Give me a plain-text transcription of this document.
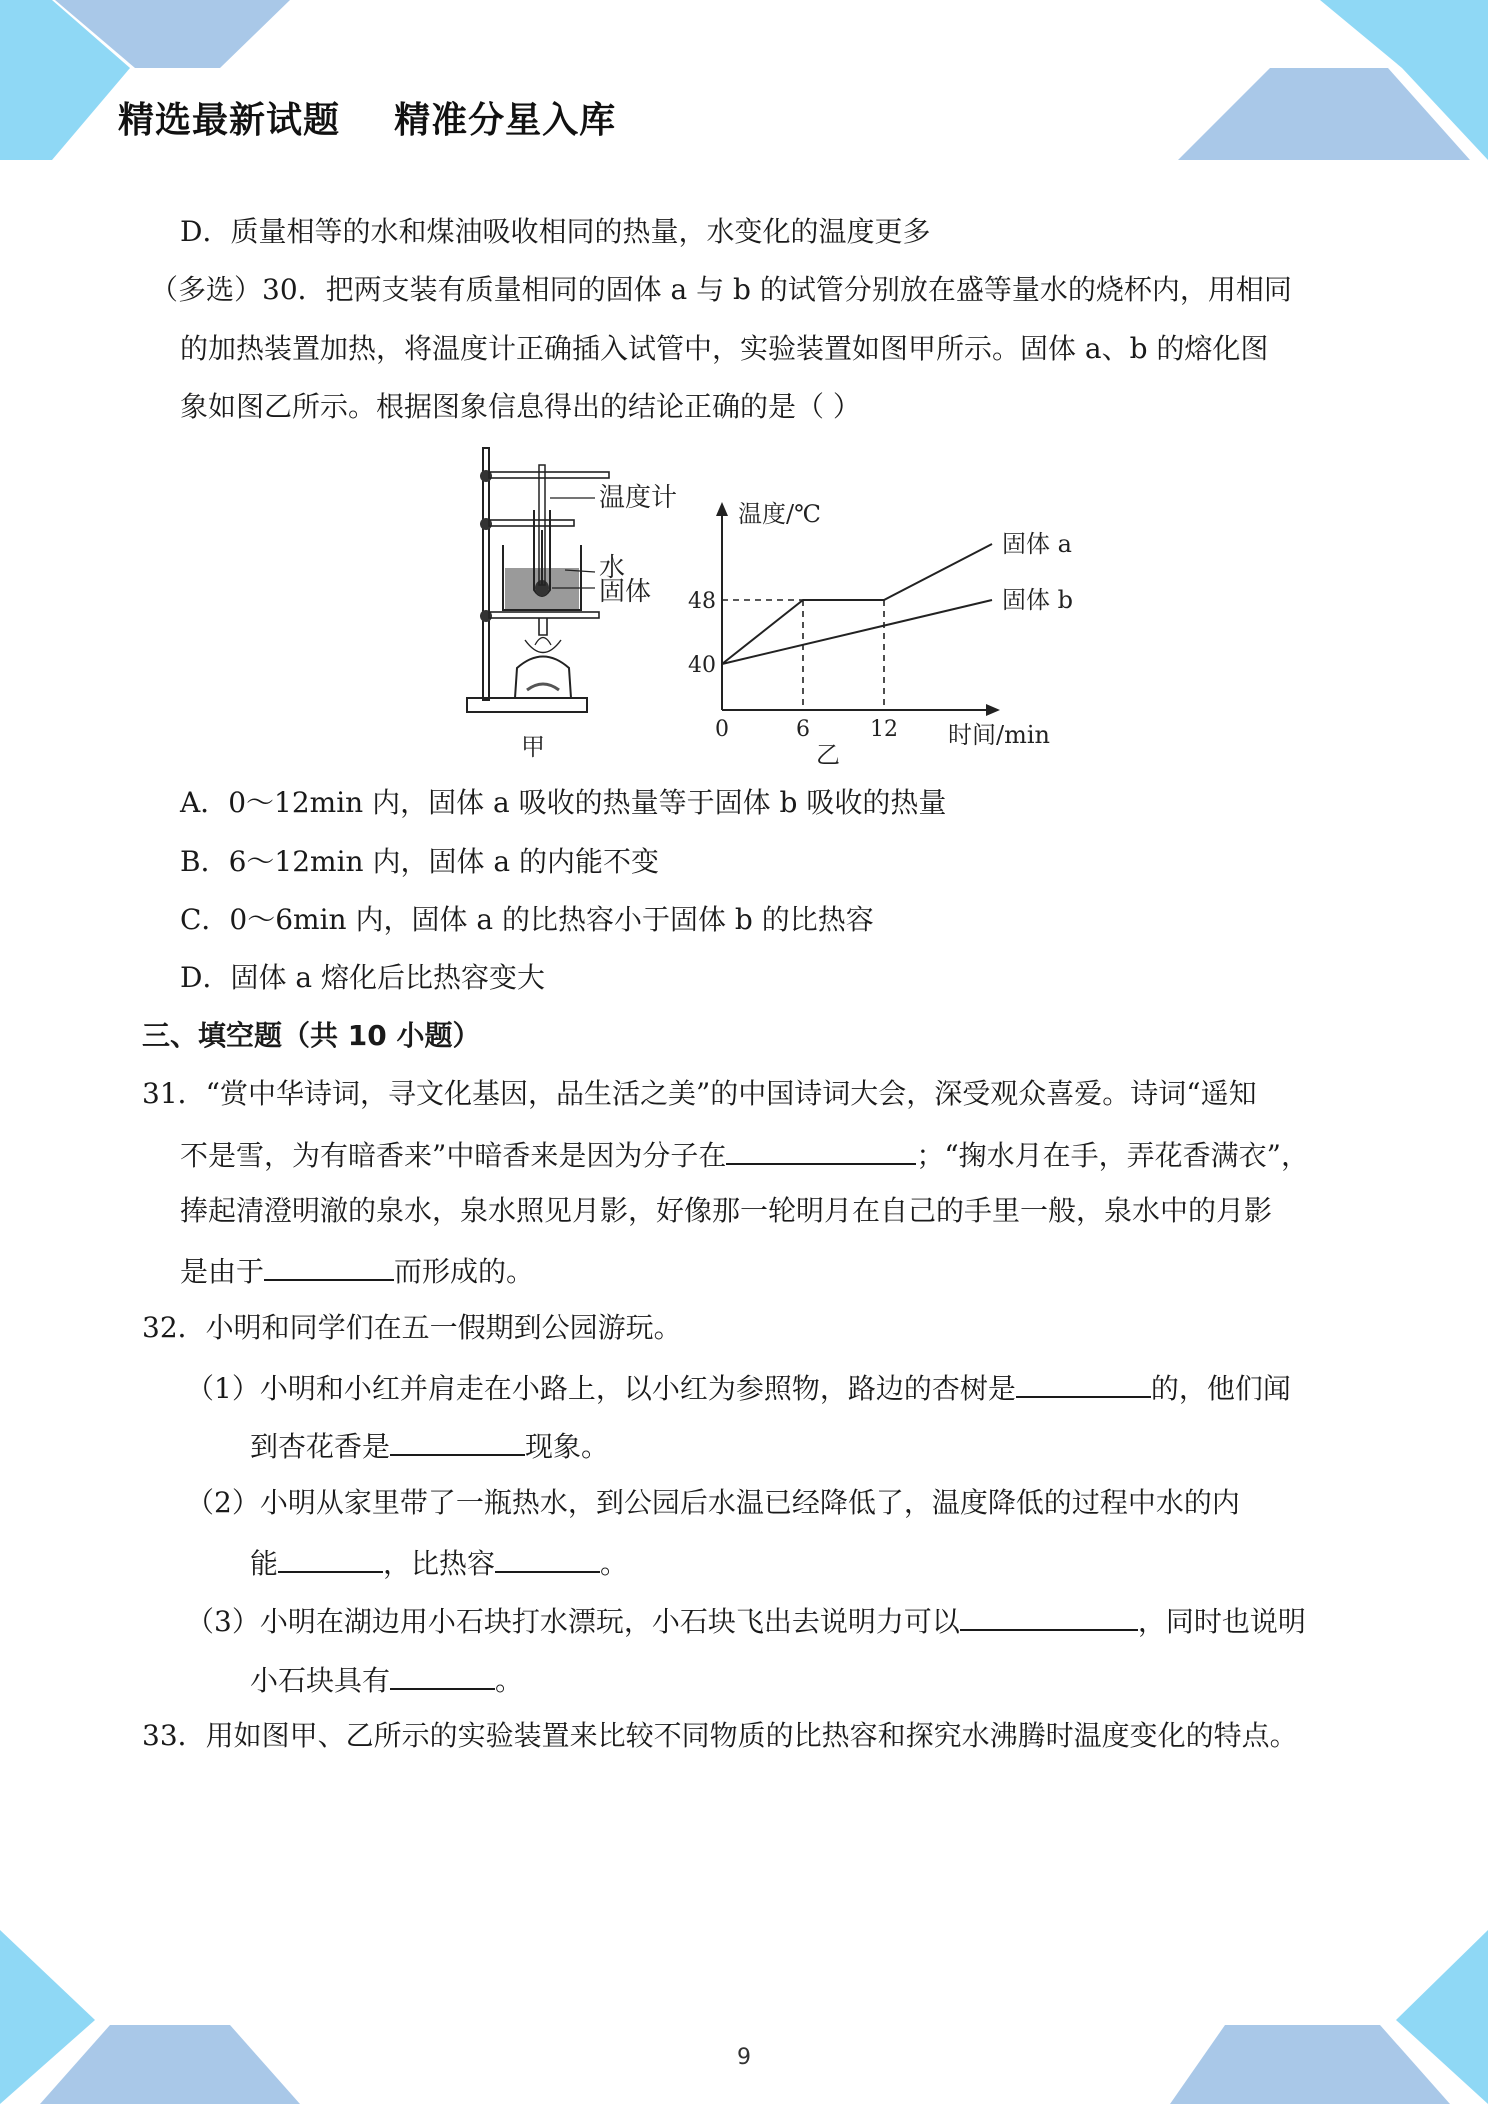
精选最新试题    精准分星入库
D．质量相等的水和煤油吸收相同的热量，水变化的温度更多
（多选）30．把两支装有质量相同的固体 a 与 b 的试管分别放在盛等量水的烧杯内，用相同
的加热装置加热，将温度计正确插入试管中，实验装置如图甲所示。固体 a、b 的熔化图
象如图乙所示。根据图象信息得出的结论正确的是（ ）
温度计
水
固体
甲
温度/℃
时间/min
0	6	12
40
48
固体 a
固体 b
乙
A．0～12min 内，固体 a 吸收的热量等于固体 b 吸收的热量
B．6～12min 内，固体 a 的内能不变
C．0～6min 内，固体 a 的比热容小于固体 b 的比热容
D．固体 a 熔化后比热容变大
三、填空题（共 10 小题）
31．“赏中华诗词，寻文化基因，品生活之美”的中国诗词大会，深受观众喜爱。诗词“遥知
不是雪，为有暗香来”中暗香来是因为分子在	；“掬水月在手，弄花香满衣”，
捧起清澄明澈的泉水，泉水照见月影，好像那一轮明月在自己的手里一般，泉水中的月影
是由于	而形成的。
32．小明和同学们在五一假期到公园游玩。
（1）小明和小红并肩走在小路上，以小红为参照物，路边的杏树是	的，他们闻
到杏花香是	现象。
（2）小明从家里带了一瓶热水，到公园后水温已经降低了，温度降低的过程中水的内
能	，比热容	。
（3）小明在湖边用小石块打水漂玩，小石块飞出去说明力可以	，同时也说明
小石块具有	。
33．用如图甲、乙所示的实验装置来比较不同物质的比热容和探究水沸腾时温度变化的特点。
9
